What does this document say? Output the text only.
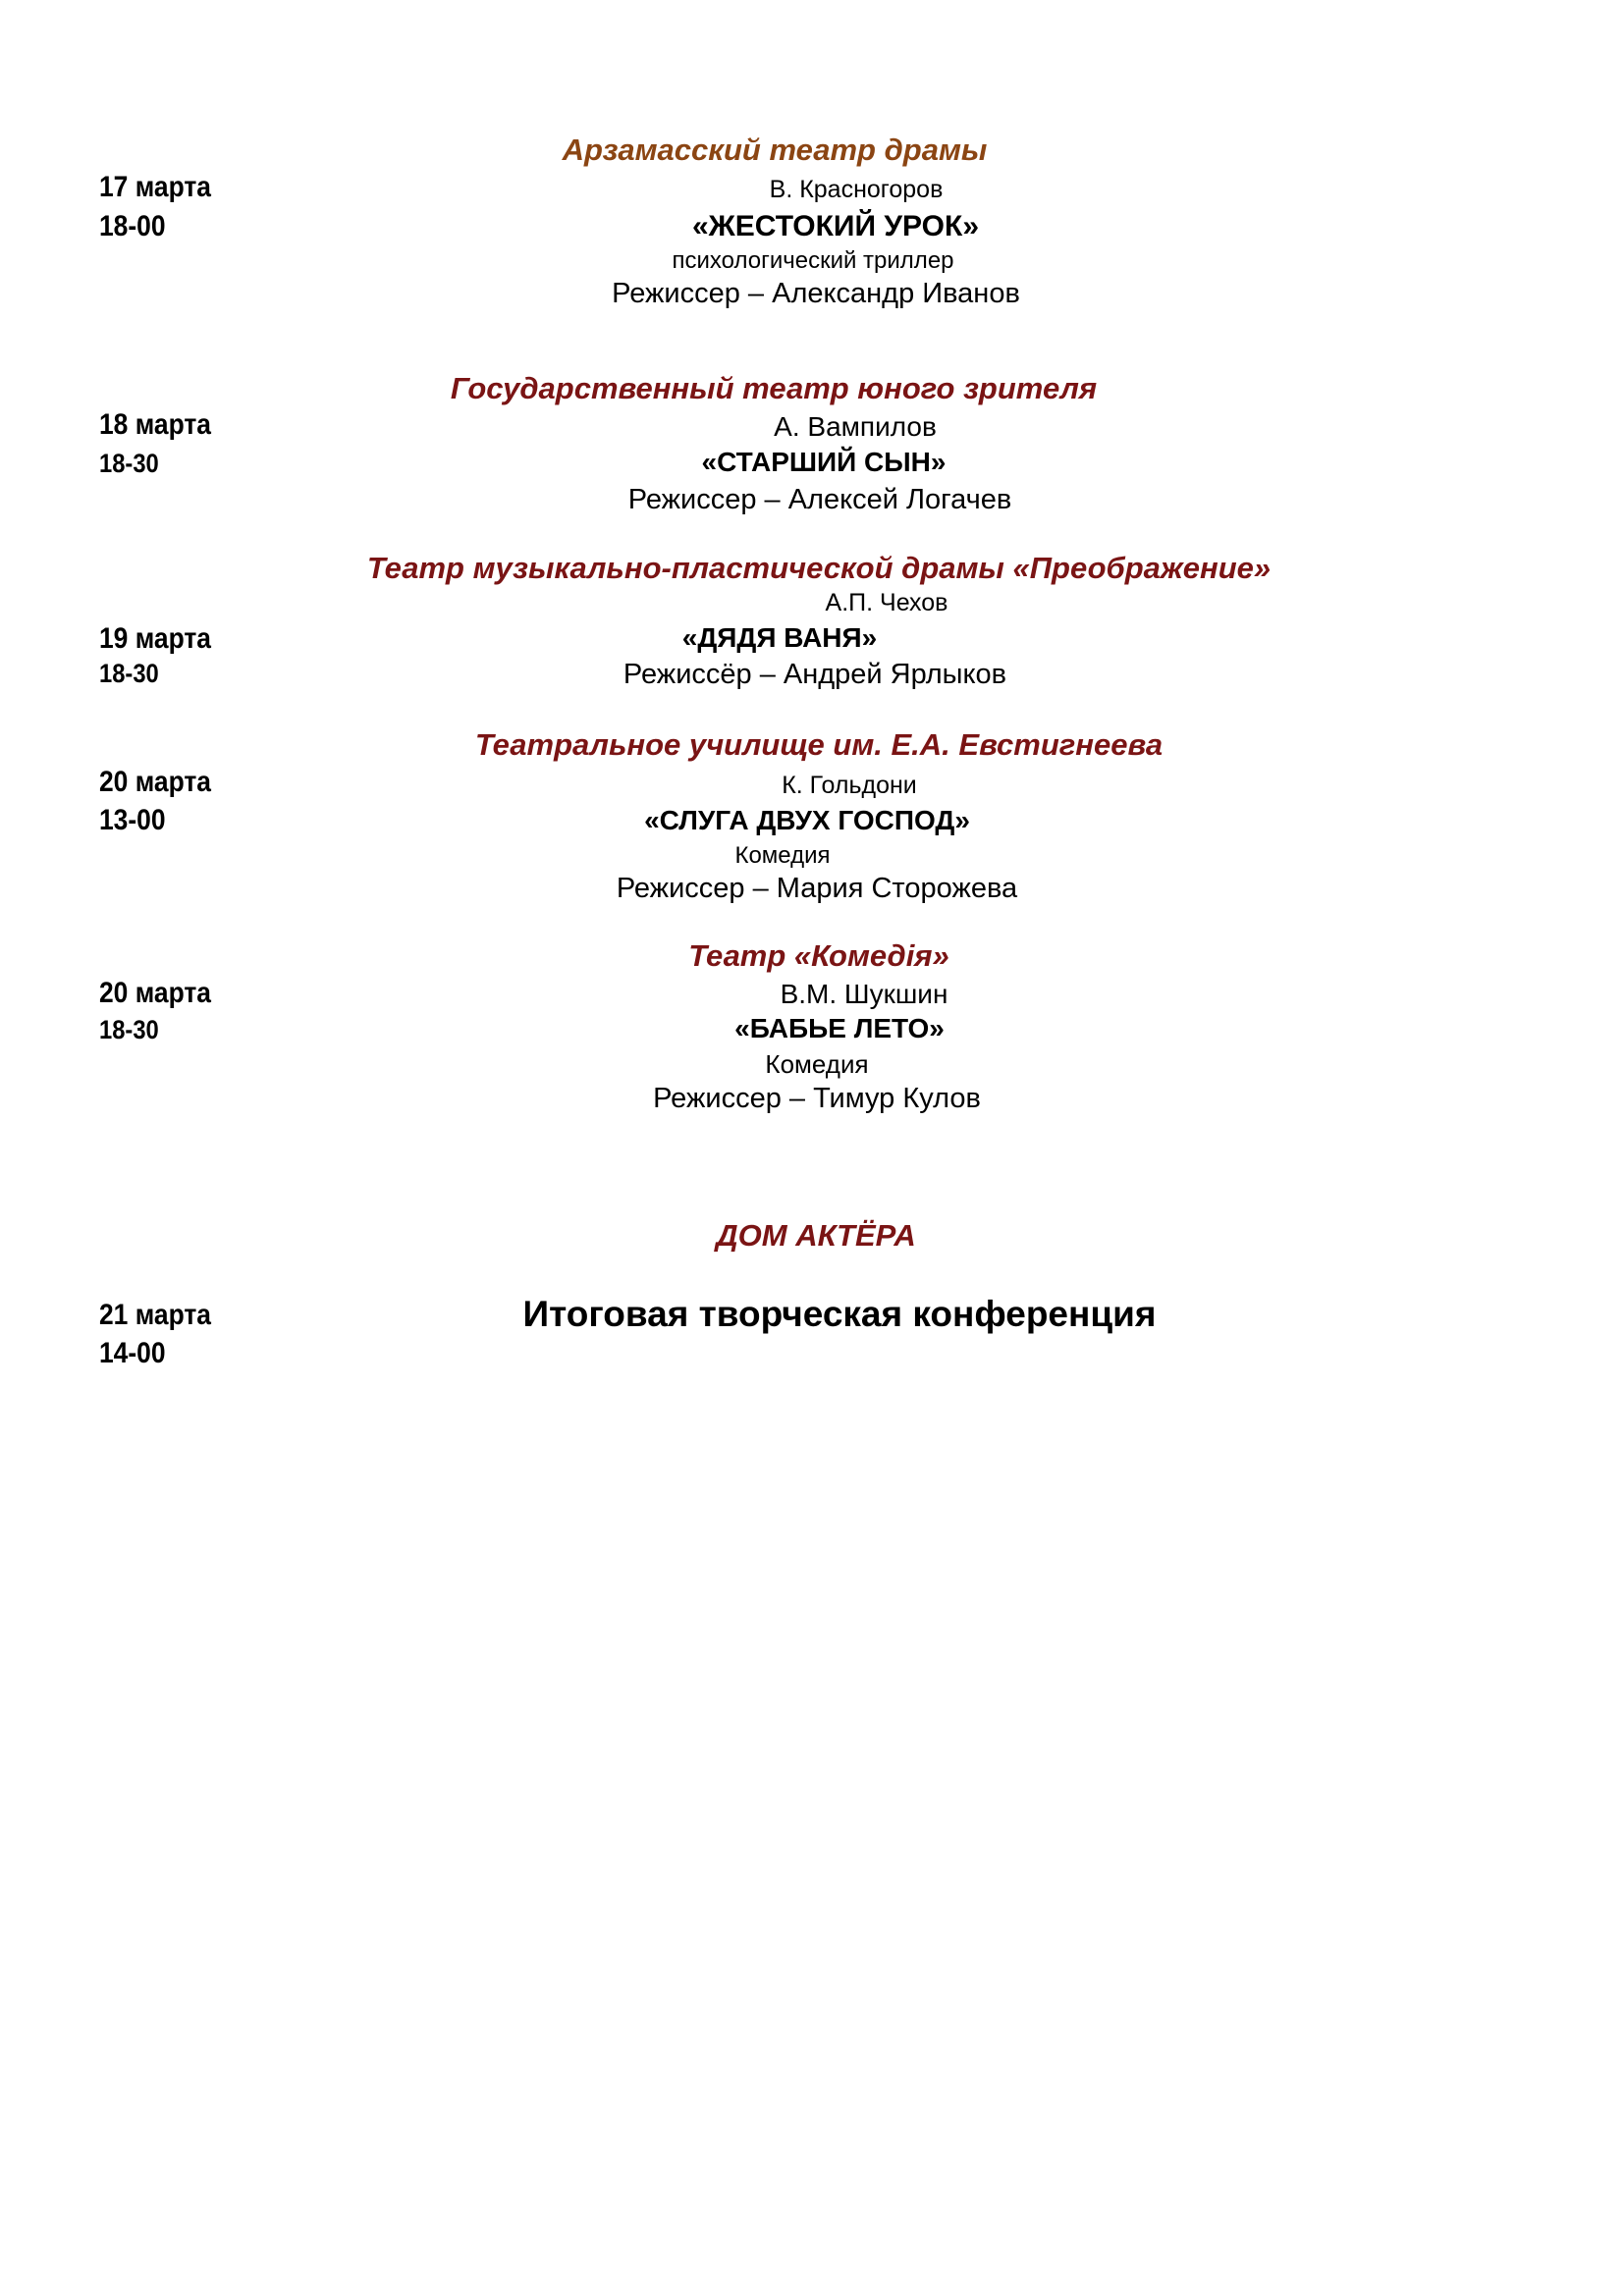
Арзамасский театр драмы
17 марта	В. Красногоров
18-00	«ЖЕСТОКИЙ УРОК»
психологический триллер
Режиссер – Александр Иванов
Государственный театр юного зрителя
18 марта	А. Вампилов
18-30	«СТАРШИЙ СЫН»
Режиссер – Алексей Логачев
Театр музыкально-пластической драмы «Преображение»
А.П. Чехов
19 марта	«ДЯДЯ ВАНЯ»
18-30	Режиссёр – Андрей Ярлыков
Театральное училище им. Е.А. Евстигнеева
20 марта	К. Гольдони
13-00	«СЛУГА ДВУХ ГОСПОД»
Комедия
Режиссер – Мария Сторожева
Театр «Комедія»
20 марта	В.М. Шукшин
18-30	«БАБЬЕ ЛЕТО»
Комедия
Режиссер – Тимур Кулов
ДОМ АКТЁРА
21 марта	Итоговая творческая конференция
14-00
